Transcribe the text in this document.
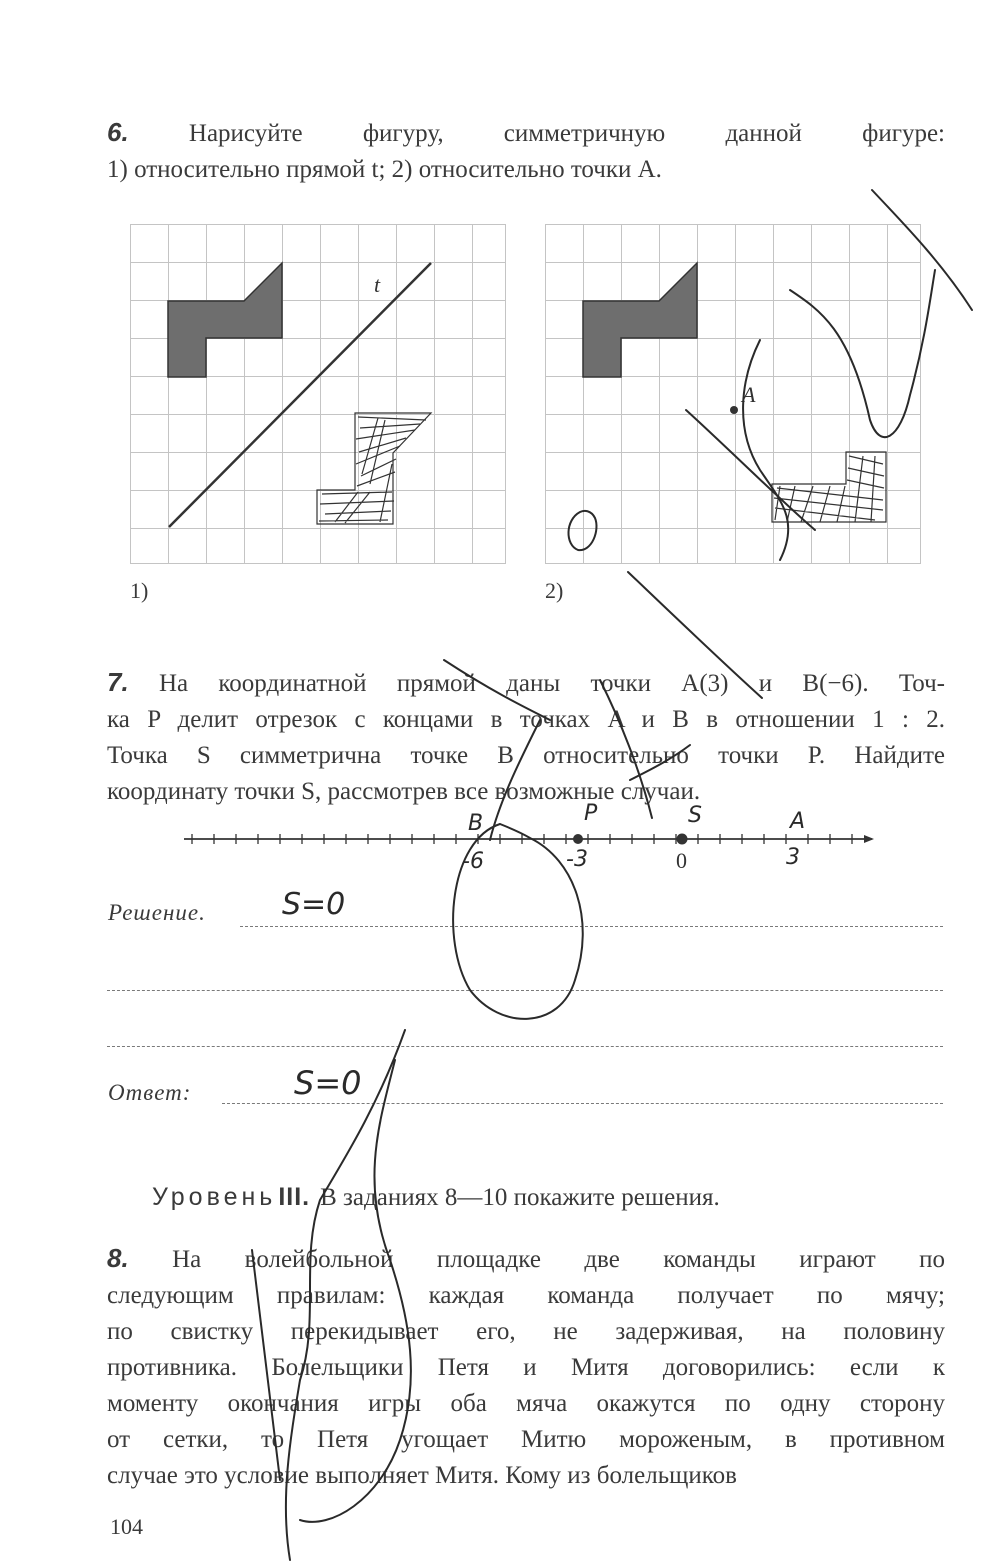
6. Нарисуйте фигуру, симметричную данной фигуре:
1) относительно прямой t; 2) относительно точки A.
t
1)
A
2)
7. На координатной прямой даны точки A(3) и B(−6). Точ-
ка P делит отрезок с концами в точках A и B в отношении 1 : 2.
Точка S симметрична точке B относительно точки P. Найдите
координату точки S, рассмотрев все возможные случаи.
0
Решение.
Ответ:
УровеньIII. В заданиях 8—10 покажите решения.
8. На волейбольной площадке две команды играют по
следующим правилам: каждая команда получает по мячу;
по свистку перекидывает его, не задерживая, на половину
противника. Болельщики Петя и Митя договорились: если к
моменту окончания игры оба мяча окажутся по одну сторону
от сетки, то Петя угощает Митю мороженым, в противном
случае это условие выполняет Митя. Кому из болельщиков
104
B	P	S	A
-6	-3	3
S=0
S=0
